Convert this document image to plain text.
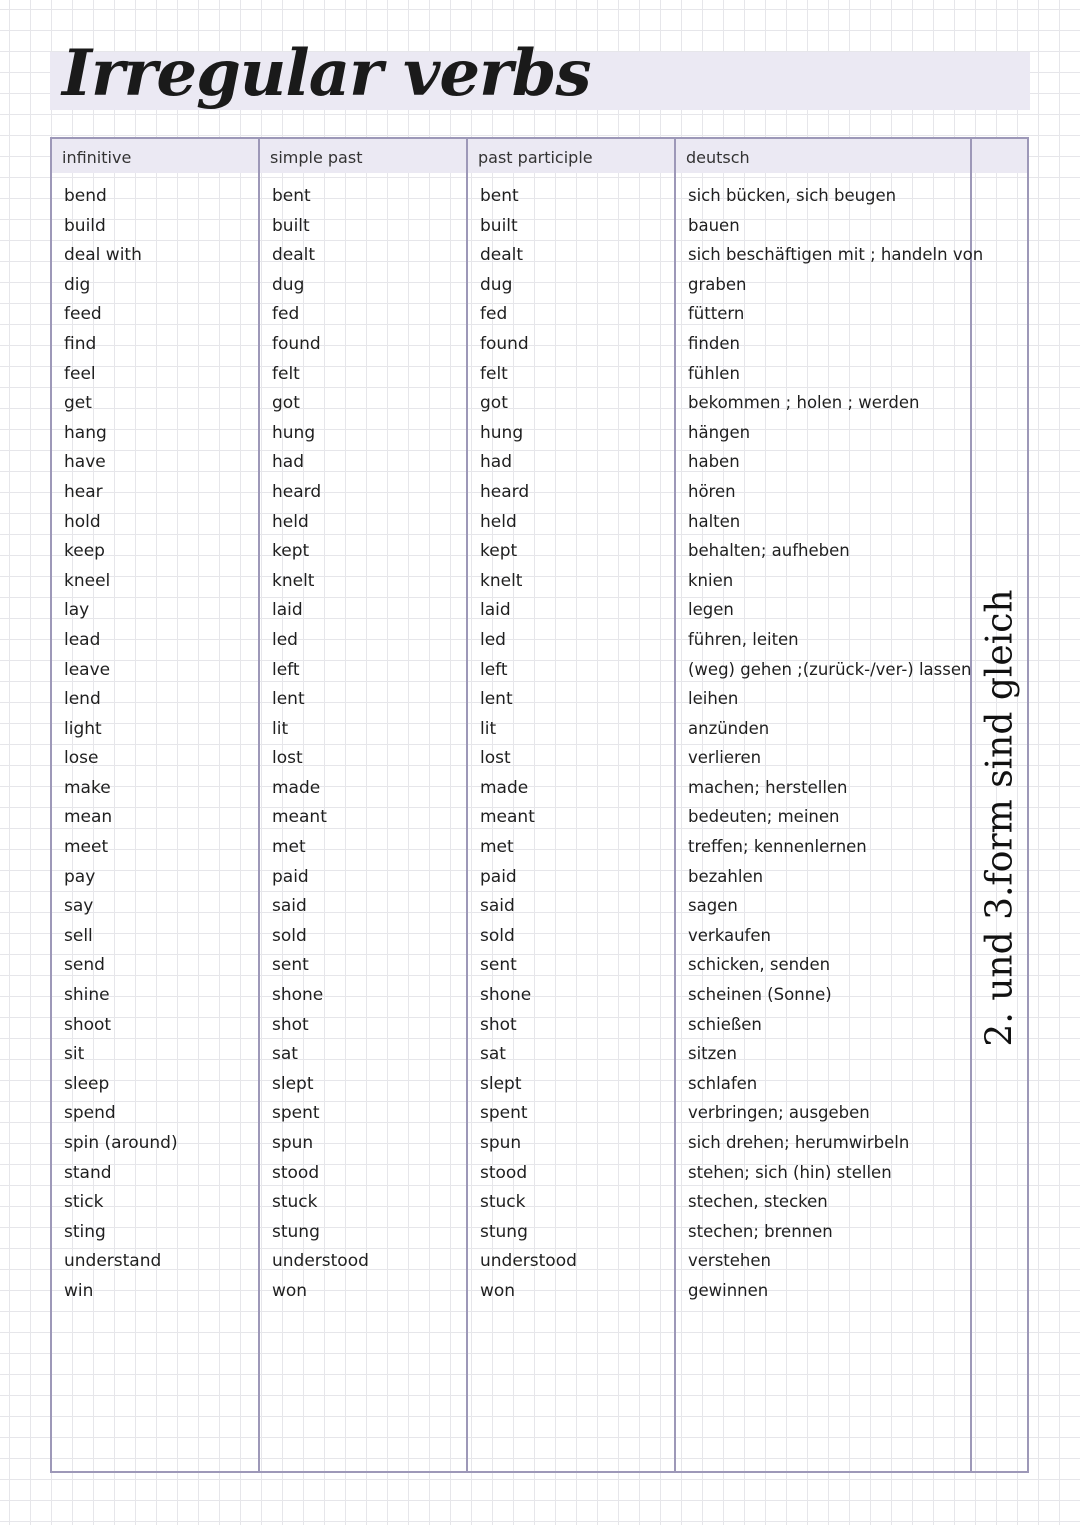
Irregular verbs
infinitive
bend
build
deal with
dig
feed
find
feel
get
hang
have
hear
hold
keep
kneel
lay
lead
leave
lend
light
lose
make
mean
meet
pay
say
sell
send
shine
shoot
sit
sleep
spend
spin (around)
stand
stick
sting
understand
win
simple past
bent
built
dealt
dug
fed
found
felt
got
hung
had
heard
held
kept
knelt
laid
led
left
lent
lit
lost
made
meant
met
paid
said
sold
sent
shone
shot
sat
slept
spent
spun
stood
stuck
stung
understood
won
past participle
bent
built
dealt
dug
fed
found
felt
got
hung
had
heard
held
kept
knelt
laid
led
left
lent
lit
lost
made
meant
met
paid
said
sold
sent
shone
shot
sat
slept
spent
spun
stood
stuck
stung
understood
won
deutsch
sich bücken, sich beugen
bauen
sich beschäftigen mit ; handeln von
graben
füttern
finden
fühlen
bekommen ; holen ; werden
hängen
haben
hören
halten
behalten; aufheben
knien
legen
führen, leiten
(weg) gehen ;(zurück-/ver-) lassen
leihen
anzünden
verlieren
machen; herstellen
bedeuten; meinen
treffen; kennenlernen
bezahlen
sagen
verkaufen
schicken, senden
scheinen (Sonne)
schießen
sitzen
schlafen
verbringen; ausgeben
sich drehen; herumwirbeln
stehen; sich (hin) stellen
stechen, stecken
stechen; brennen
verstehen
gewinnen
2. und 3.form sind gleich
